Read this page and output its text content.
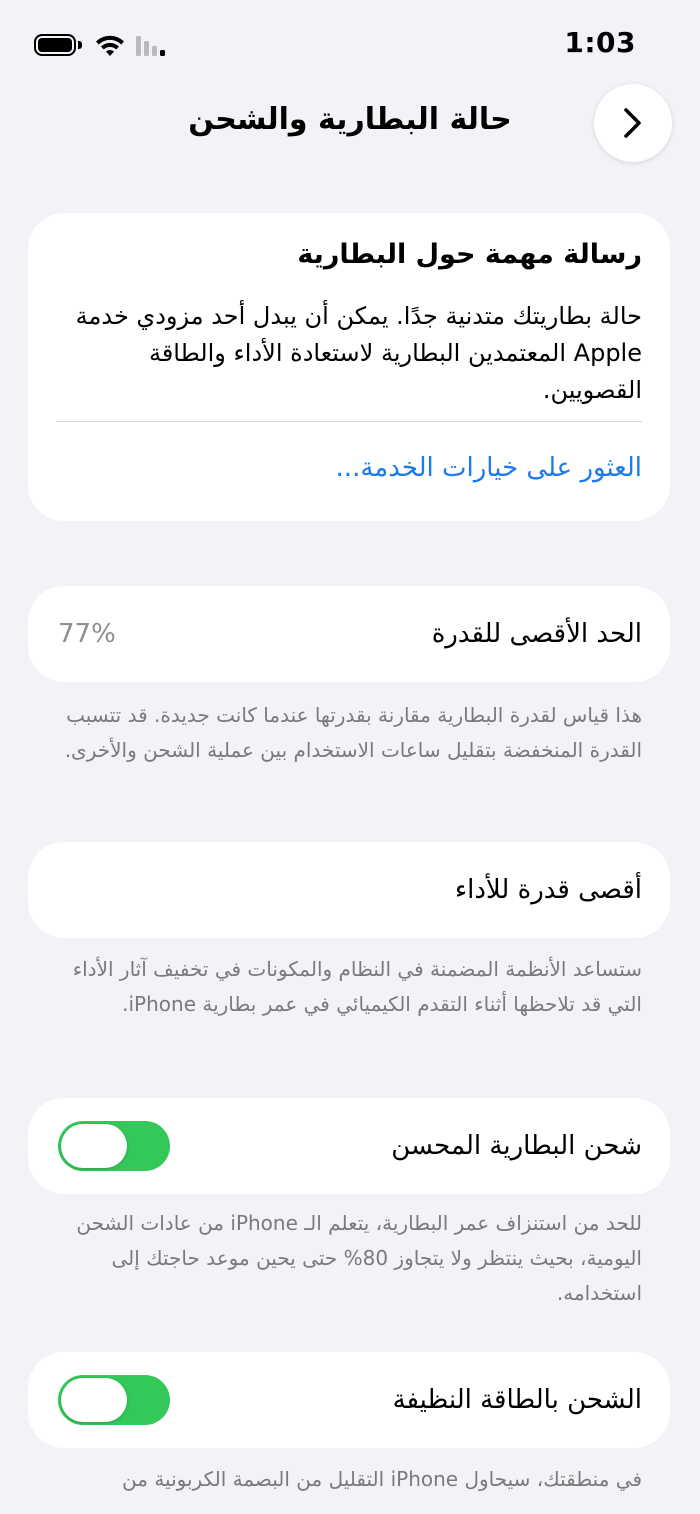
1:03
حالة البطارية والشحن
رسالة مهمة حول البطارية
حالة بطاريتك متدنية جدًا. يمكن أن يبدل أحد مزودي خدمة Apple المعتمدين البطارية لاستعادة الأداء والطاقة القصويين.
العثور على خيارات الخدمة...
الحد الأقصى للقدرة
77%
هذا قياس لقدرة البطارية مقارنة بقدرتها عندما كانت جديدة. قد تتسبب القدرة المنخفضة بتقليل ساعات الاستخدام بين عملية الشحن والأخرى.
أقصى قدرة للأداء
ستساعد الأنظمة المضمنة في النظام والمكونات في تخفيف آثار الأداء التي قد تلاحظها أثناء التقدم الكيميائي في عمر بطارية iPhone.
شحن البطارية المحسن
للحد من استنزاف عمر البطارية، يتعلم الـ iPhone من عادات الشحن اليومية، بحيث ينتظر ولا يتجاوز 80% حتى يحين موعد حاجتك إلى استخدامه.
الشحن بالطاقة النظيفة
في منطقتك، سيحاول iPhone التقليل من البصمة الكربونية من
